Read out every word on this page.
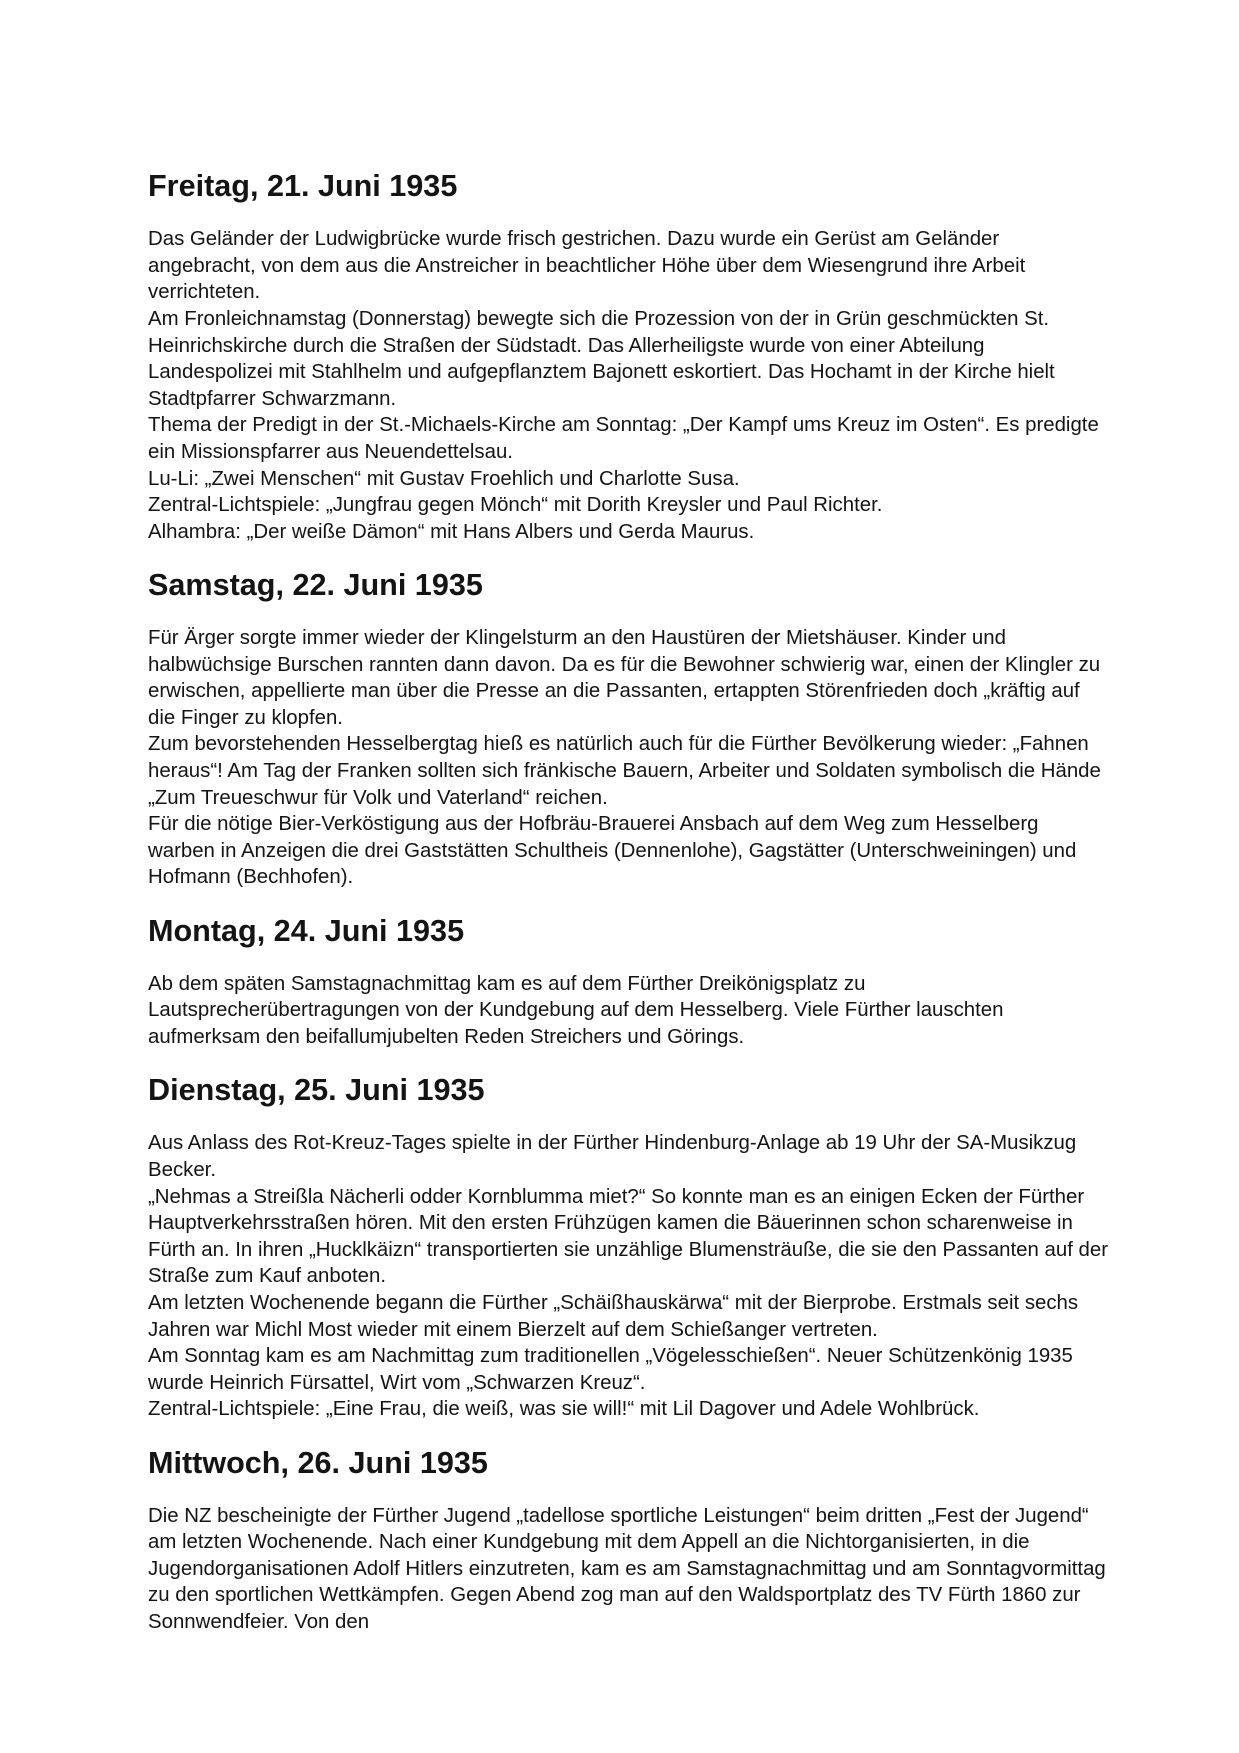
Freitag, 21. Juni 1935

Das Geländer der Ludwigbrücke wurde frisch gestrichen. Dazu wurde ein Gerüst am Geländer angebracht, von dem aus die Anstreicher in beachtlicher Höhe über dem Wiesengrund ihre Arbeit verrichteten.

Am Fronleichnamstag (Donnerstag) bewegte sich die Prozession von der in Grün geschmückten St. Heinrichskirche durch die Straßen der Südstadt. Das Allerheiligste wurde von einer Abteilung Landespolizei mit Stahlhelm und aufgepflanztem Bajonett eskortiert. Das Hochamt in der Kirche hielt Stadtpfarrer Schwarzmann.

Thema der Predigt in der St.-Michaels-Kirche am Sonntag: „Der Kampf ums Kreuz im Osten“. Es predigte ein Missionspfarrer aus Neuendettelsau.

Lu-Li: „Zwei Menschen“ mit Gustav Froehlich und Charlotte Susa.

Zentral-Lichtspiele: „Jungfrau gegen Mönch“ mit Dorith Kreysler und Paul Richter.

Alhambra: „Der weiße Dämon“ mit Hans Albers und Gerda Maurus.

Samstag, 22. Juni 1935

Für Ärger sorgte immer wieder der Klingelsturm an den Haustüren der Mietshäuser. Kinder und halbwüchsige Burschen rannten dann davon. Da es für die Bewohner schwierig war, einen der Klingler zu erwischen, appellierte man über die Presse an die Passanten, ertappten Störenfrieden doch „kräftig auf die Finger zu klopfen.

Zum bevorstehenden Hesselbergtag hieß es natürlich auch für die Fürther Bevölkerung wieder: „Fahnen heraus“! Am Tag der Franken sollten sich fränkische Bauern, Arbeiter und Soldaten symbolisch die Hände „Zum Treueschwur für Volk und Vaterland“ reichen.

Für die nötige Bier-Verköstigung aus der Hofbräu-Brauerei Ansbach auf dem Weg zum Hesselberg warben in Anzeigen die drei Gaststätten Schultheis (Dennenlohe), Gagstätter (Unterschweiningen) und Hofmann (Bechhofen).

Montag, 24. Juni 1935

Ab dem späten Samstagnachmittag kam es auf dem Fürther Dreikönigsplatz zu Lautsprecherübertragungen von der Kundgebung auf dem Hesselberg. Viele Fürther lauschten aufmerksam den beifallumjubelten Reden Streichers und Görings.

Dienstag, 25. Juni 1935

Aus Anlass des Rot-Kreuz-Tages spielte in der Fürther Hindenburg-Anlage ab 19 Uhr der SA-Musikzug Becker.

„Nehmas a Streißla Nächerli odder Kornblumma miet?“ So konnte man es an einigen Ecken der Fürther Hauptverkehrsstraßen hören. Mit den ersten Frühzügen kamen die Bäuerinnen schon scharenweise in Fürth an. In ihren „Hucklkäizn“ transportierten sie unzählige Blumensträuße, die sie den Passanten auf der Straße zum Kauf anboten.

Am letzten Wochenende begann die Fürther „Schäißhauskärwa“ mit der Bierprobe. Erstmals seit sechs Jahren war Michl Most wieder mit einem Bierzelt auf dem Schießanger vertreten.

Am Sonntag kam es am Nachmittag zum traditionellen „Vögelesschießen“. Neuer Schützenkönig 1935 wurde Heinrich Fürsattel, Wirt vom „Schwarzen Kreuz“.

Zentral-Lichtspiele: „Eine Frau, die weiß, was sie will!“ mit Lil Dagover und Adele Wohlbrück.

Mittwoch, 26. Juni 1935

Die NZ bescheinigte der Fürther Jugend „tadellose sportliche Leistungen“ beim dritten „Fest der Jugend“ am letzten Wochenende. Nach einer Kundgebung mit dem Appell an die Nichtorganisierten, in die Jugendorganisationen Adolf Hitlers einzutreten, kam es am Samstagnachmittag und am Sonntagvormittag zu den sportlichen Wettkämpfen. Gegen Abend zog man auf den Waldsportplatz des TV Fürth 1860 zur Sonnwendfeier. Von den
